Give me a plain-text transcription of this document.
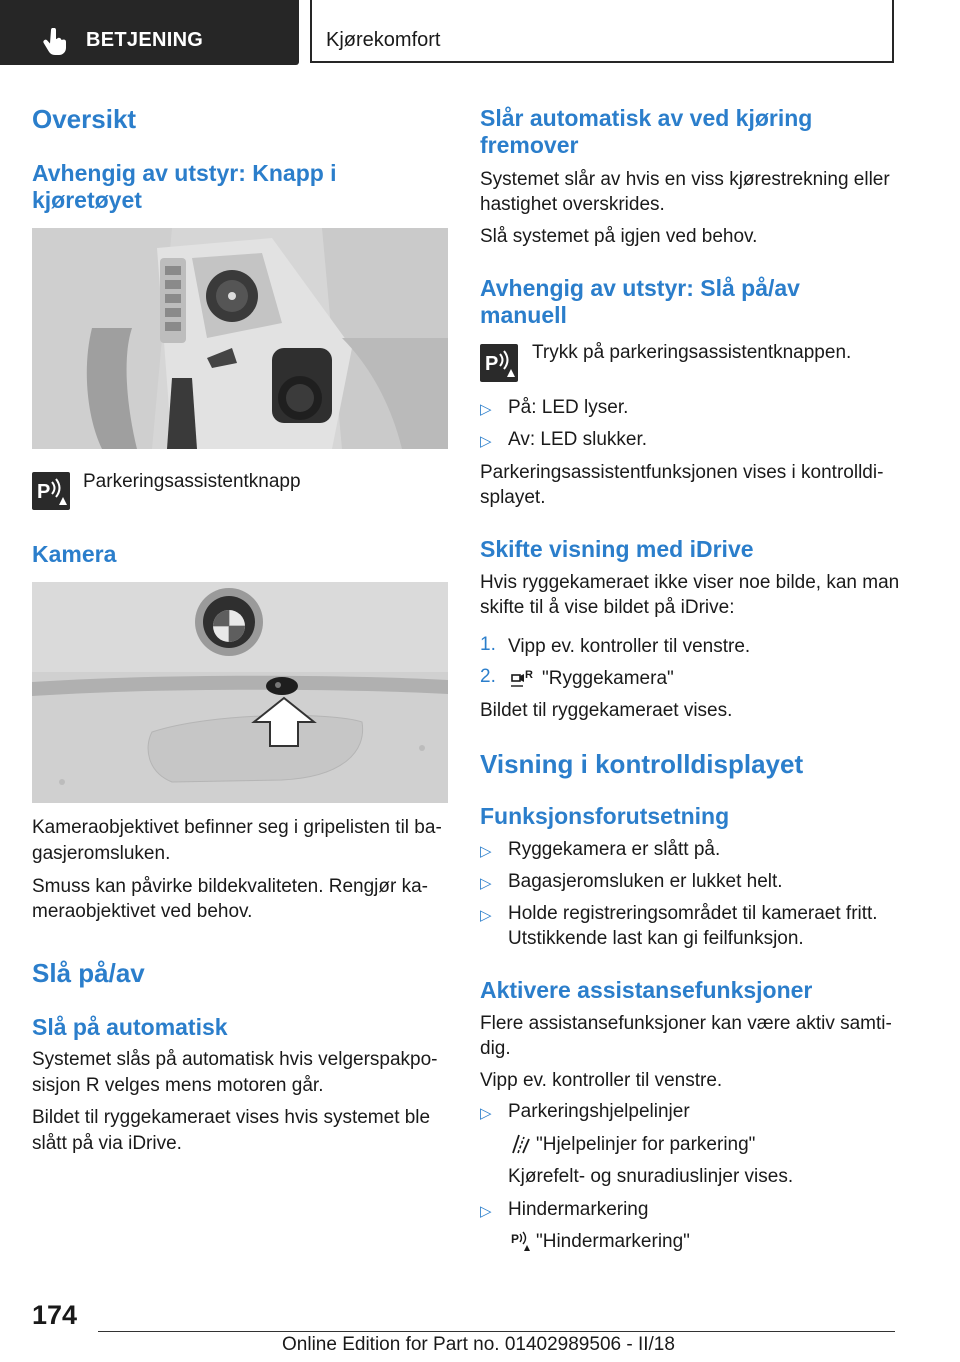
BETJENING	Kjørekomfort
Oversikt
Avhengig av utstyr: Knapp i
kjøretøyet
P Parkeringsassistentknapp
Kamera
Kameraobjektivet befinner seg i gripelisten til ba-
gasjeromsluken.
Smuss kan påvirke bildekvaliteten. Rengjør ka-
meraobjektivet ved behov.
Slå på/av
Slå på automatisk
Systemet slås på automatisk hvis velgerspakpo-
sisjon R velges mens motoren går.
Bildet til ryggekameraet vises hvis systemet ble
slått på via iDrive.
Slår automatisk av ved kjøring
fremover
Systemet slår av hvis en viss kjørestrekning eller
hastighet overskrides.
Slå systemet på igjen ved behov.
Avhengig av utstyr: Slå på/av
manuell
P
Trykk på parkeringsassistentknappen.
▷ På: LED lyser.
▷ Av: LED slukker.
Parkeringsassistentfunksjonen vises i kontrolldi-
splayet.
Skifte visning med iDrive
Hvis ryggekameraet ikke viser noe bilde, kan man
skifte til å vise bildet på iDrive:
1. Vipp ev. kontroller til venstre.
2.	R "Ryggekamera"
Bildet til ryggekameraet vises.
Visning i kontrolldisplayet
Funksjonsforutsetning
▷ Ryggekamera er slått på.
▷ Bagasjeromsluken er lukket helt.
▷ Holde registreringsområdet til kameraet fritt.
Utstikkende last kan gi feilfunksjon.
Aktivere assistansefunksjoner
Flere assistansefunksjoner kan være aktiv samti-
dig.
Vipp ev. kontroller til venstre.
▷ Parkeringshjelpelinjer
"Hjelpelinjer for parkering"
Kjørefelt- og snuradiuslinjer vises.
▷ Hindermarkering
P "Hindermarkering"
174
Online Edition for Part no. 01402989506 - II/18
